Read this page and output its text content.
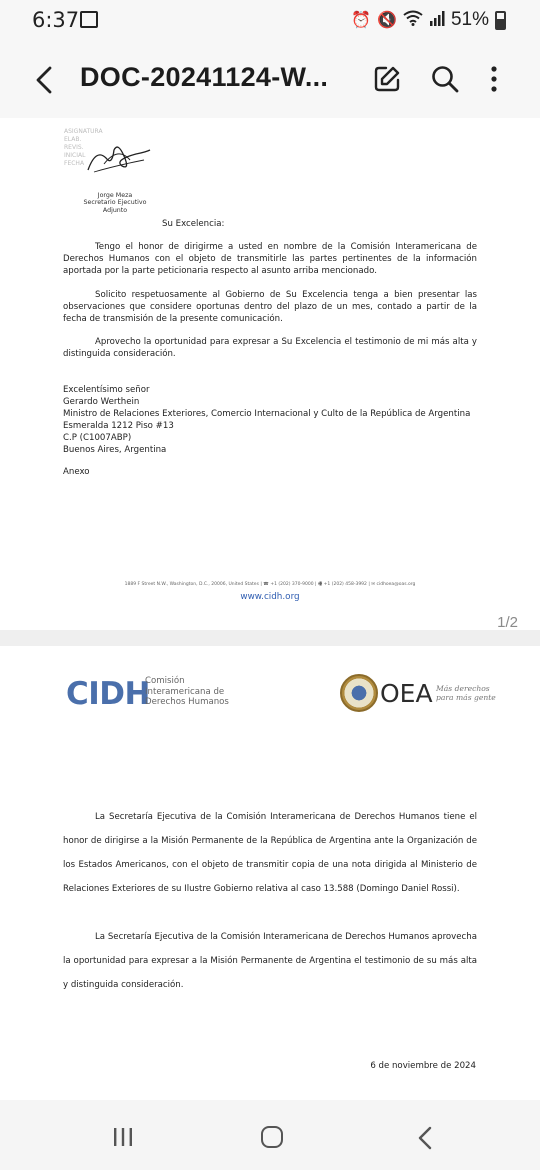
6:37	⏰ 🔇	51%
DOC-20241124-W...
ASIGNATURA
ELAB.
REVIS.
INICIAL
FECHA
Jorge Meza
Secretario Ejecutivo
Adjunto
Su Excelencia:

Tengo el honor de dirigirme a usted en nombre de la Comisión Interamericana de Derechos Humanos con el objeto de transmitirle las partes pertinentes de la información aportada por la parte peticionaria respecto al asunto arriba mencionado.

Solicito respetuosamente al Gobierno de Su Excelencia tenga a bien presentar las observaciones que considere oportunas dentro del plazo de un mes, contado a partir de la fecha de transmisión de la presente comunicación.

Aprovecho la oportunidad para expresar a Su Excelencia el testimonio de mi más alta y distinguida consideración.

Excelentísimo señor
Gerardo Werthein
Ministro de Relaciones Exteriores, Comercio Internacional y Culto de la República de Argentina
Esmeralda 1212 Piso #13
C.P (C1007ABP)
Buenos Aires, Argentina
Anexo
1889 F Street N.W., Washington, D.C., 20006, United States | ☎ +1 (202) 370-9000 | 🖷 +1 (202) 458-3992 | ✉ cidhoea@oas.org
www.cidh.org
1/2
CIDH
Comisión
Interamericana de
Derechos Humanos	OEA Más derechos
para más gente

La Secretaría Ejecutiva de la Comisión Interamericana de Derechos Humanos tiene el honor de dirigirse a la Misión Permanente de la República de Argentina ante la Organización de los Estados Americanos, con el objeto de transmitir copia de una nota dirigida al Ministerio de Relaciones Exteriores de su Ilustre Gobierno relativa al caso 13.588 (Domingo Daniel Rossi).

La Secretaría Ejecutiva de la Comisión Interamericana de Derechos Humanos aprovecha la oportunidad para expresar a la Misión Permanente de Argentina el testimonio de su más alta y distinguida consideración.

6 de noviembre de 2024
